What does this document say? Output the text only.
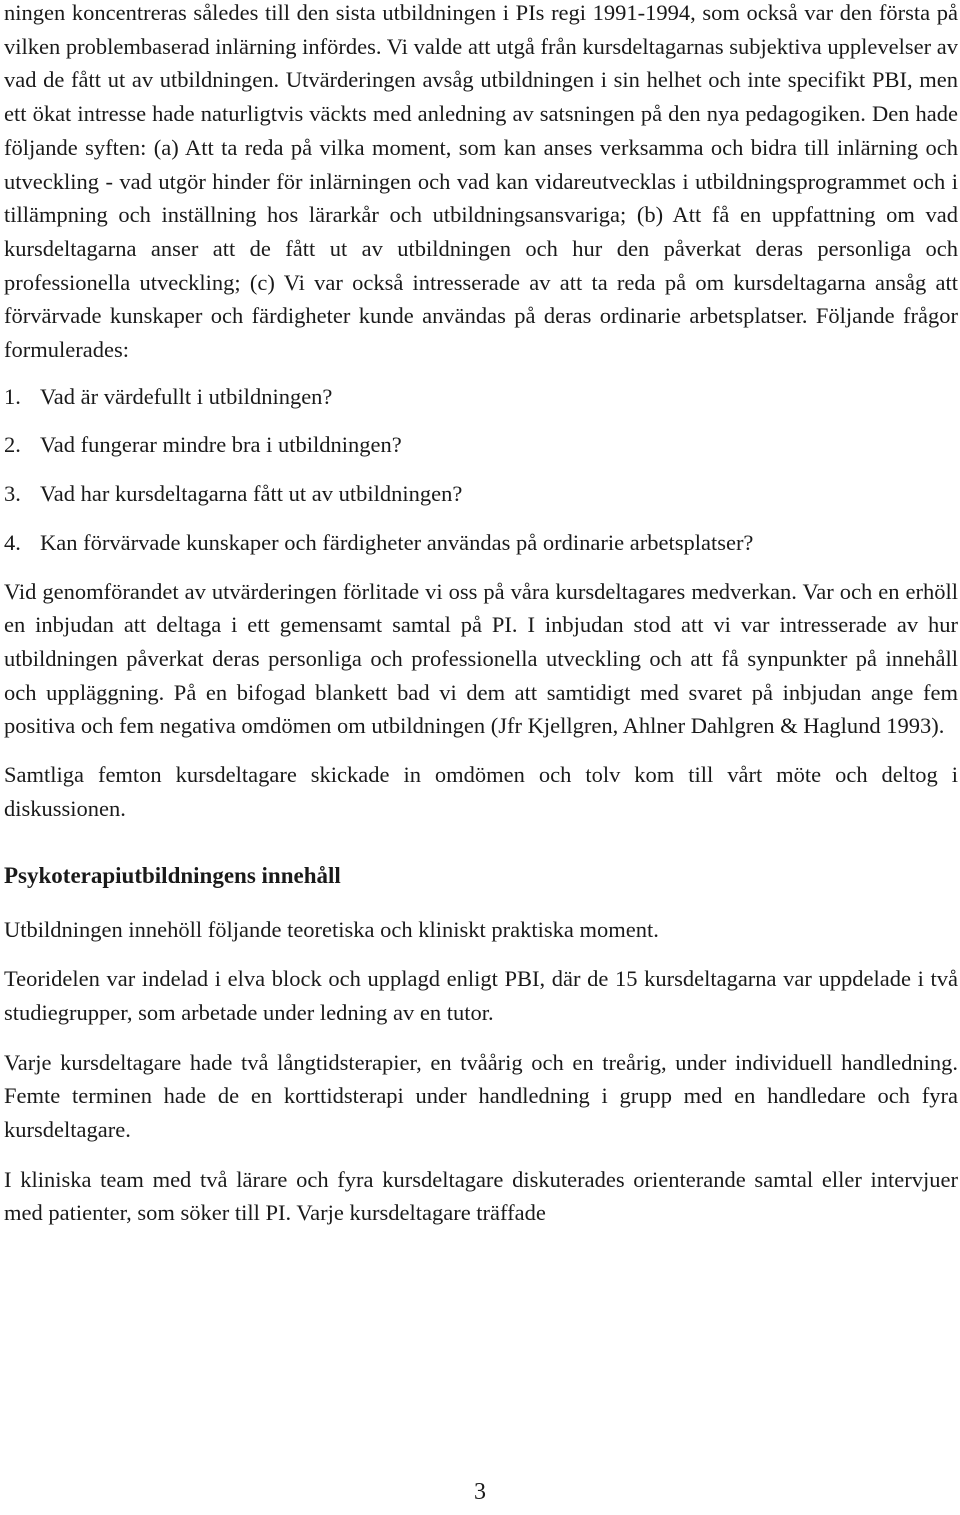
ningen koncentreras således till den sista utbildningen i PIs regi 1991-1994, som också var den första på vilken problembaserad inlärning infördes. Vi valde att utgå från kursdeltagarnas subjektiva upplevelser av vad de fått ut av utbildningen. Utvärderingen avsåg utbildningen i sin helhet och inte specifikt PBI, men ett ökat intresse hade naturligtvis väckts med anledning av satsningen på den nya pedagogiken. Den hade följande syften: (a) Att ta reda på vilka moment, som kan anses verksamma och bidra till inlärning och utveckling - vad utgör hinder för inlärningen och vad kan vidareutvecklas i utbildningsprogrammet och i tillämpning och inställning hos lärarkår och utbildningsansvariga; (b) Att få en uppfattning om vad kursdeltagarna anser att de fått ut av utbildningen och hur den påverkat deras personliga och professionella utveckling; (c) Vi var också intresserade av att ta reda på om kursdeltagarna ansåg att förvärvade kunskaper och färdigheter kunde användas på deras ordinarie arbetsplatser. Följande frågor formulerades:

1. Vad är värdefullt i utbildningen?
2. Vad fungerar mindre bra i utbildningen?
3. Vad har kursdeltagarna fått ut av utbildningen?
4. Kan förvärvade kunskaper och färdigheter användas på ordinarie arbetsplatser?

Vid genomförandet av utvärderingen förlitade vi oss på våra kursdeltagares medverkan. Var och en erhöll en inbjudan att deltaga i ett gemensamt samtal på PI. I inbjudan stod att vi var intresserade av hur utbildningen påverkat deras personliga och professionella utveckling och att få synpunkter på innehåll och uppläggning. På en bifogad blankett bad vi dem att samtidigt med svaret på inbjudan ange fem positiva och fem negativa omdömen om utbildningen (Jfr Kjellgren, Ahlner Dahlgren & Haglund 1993).

Samtliga femton kursdeltagare skickade in omdömen och tolv kom till vårt möte och deltog i diskussionen.

Psykoterapiutbildningens innehåll

Utbildningen innehöll följande teoretiska och kliniskt praktiska moment.

Teoridelen var indelad i elva block och upplagd enligt PBI, där de 15 kursdeltagarna var uppdelade i två studiegrupper, som arbetade under ledning av en tutor.

Varje kursdeltagare hade två långtidsterapier, en tvåårig och en treårig, under individuell handledning. Femte terminen hade de en korttidsterapi under handledning i grupp med en handledare och fyra kursdeltagare.

I kliniska team med två lärare och fyra kursdeltagare diskuterades orienterande samtal eller intervjuer med patienter, som söker till PI. Varje kursdeltagare träffade

3
